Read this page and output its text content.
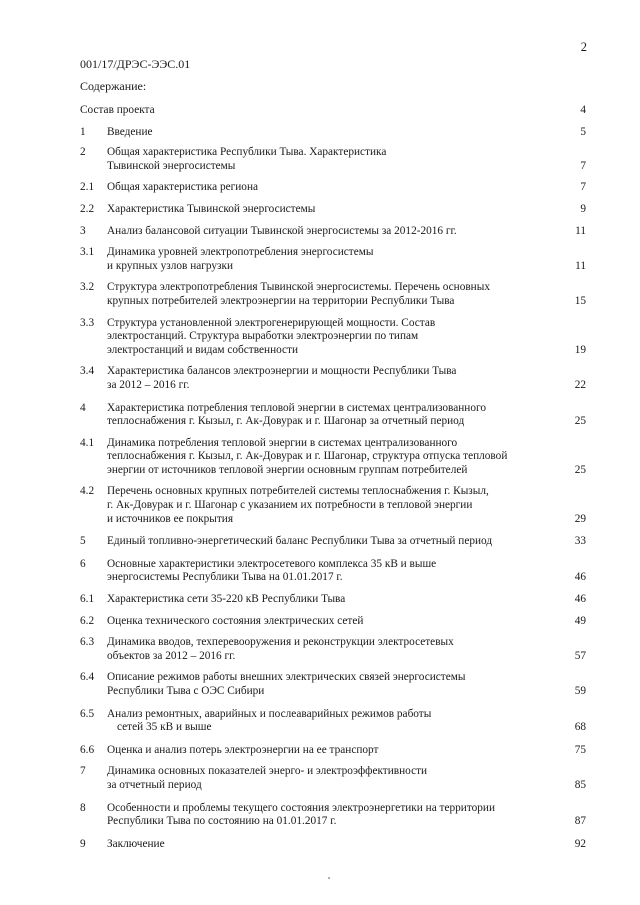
2
001/17/ДРЭС-ЭЭС.01
Содержание:
Состав проекта	4
1 Введение	5
2 Общая характеристика Республики Тыва. Характеристика
Тывинской энергосистемы	7
2.1 Общая характеристика региона	7
2.2 Характеристика Тывинской энергосистемы	9
3 Анализ балансовой ситуации Тывинской энергосистемы за 2012-2016 гг.	11
3.1 Динамика уровней электропотребления энергосистемы
и крупных узлов нагрузки	11
3.2 Структура электропотребления Тывинской энергосистемы. Перечень основных
крупных потребителей электроэнергии на территории Республики Тыва	15
3.3 Структура установленной электрогенерирующей мощности. Состав
электростанций. Структура выработки электроэнергии по типам
электростанций и видам собственности	19
3.4 Характеристика балансов электроэнергии и мощности Республики Тыва
за 2012 – 2016 гг.	22
4 Характеристика потребления тепловой энергии в системах централизованного
теплоснабжения г. Кызыл, г. Ак-Довурак и г. Шагонар за отчетный период	25
4.1 Динамика потребления тепловой энергии в системах централизованного
теплоснабжения г. Кызыл, г. Ак-Довурак и г. Шагонар, структура отпуска тепловой
энергии от источников тепловой энергии основным группам потребителей	25
4.2 Перечень основных крупных потребителей системы теплоснабжения г. Кызыл,
г. Ак-Довурак и г. Шагонар с указанием их потребности в тепловой энергии
и источников ее покрытия	29
5 Единый топливно-энергетический баланс Республики Тыва за отчетный период	33
6 Основные характеристики электросетевого комплекса 35 кВ и выше
энергосистемы Республики Тыва на 01.01.2017 г.	46
6.1 Характеристика сети 35-220 кВ Республики Тыва	46
6.2 Оценка технического состояния электрических сетей	49
6.3 Динамика вводов, техперевооружения и реконструкции электросетевых
объектов за 2012 – 2016 гг.	57
6.4 Описание режимов работы внешних электрических связей энергосистемы
Республики Тыва с ОЭС Сибири	59
6.5 Анализ ремонтных, аварийных и послеаварийных режимов работы
сетей 35 кВ и выше	68
6.6 Оценка и анализ потерь электроэнергии на ее транспорт	75
7 Динамика основных показателей энерго- и электроэффективности
за отчетный период	85
8 Особенности и проблемы текущего состояния электроэнергетики на территории
Республики Тыва по состоянию на 01.01.2017 г.	87
9 Заключение	92
